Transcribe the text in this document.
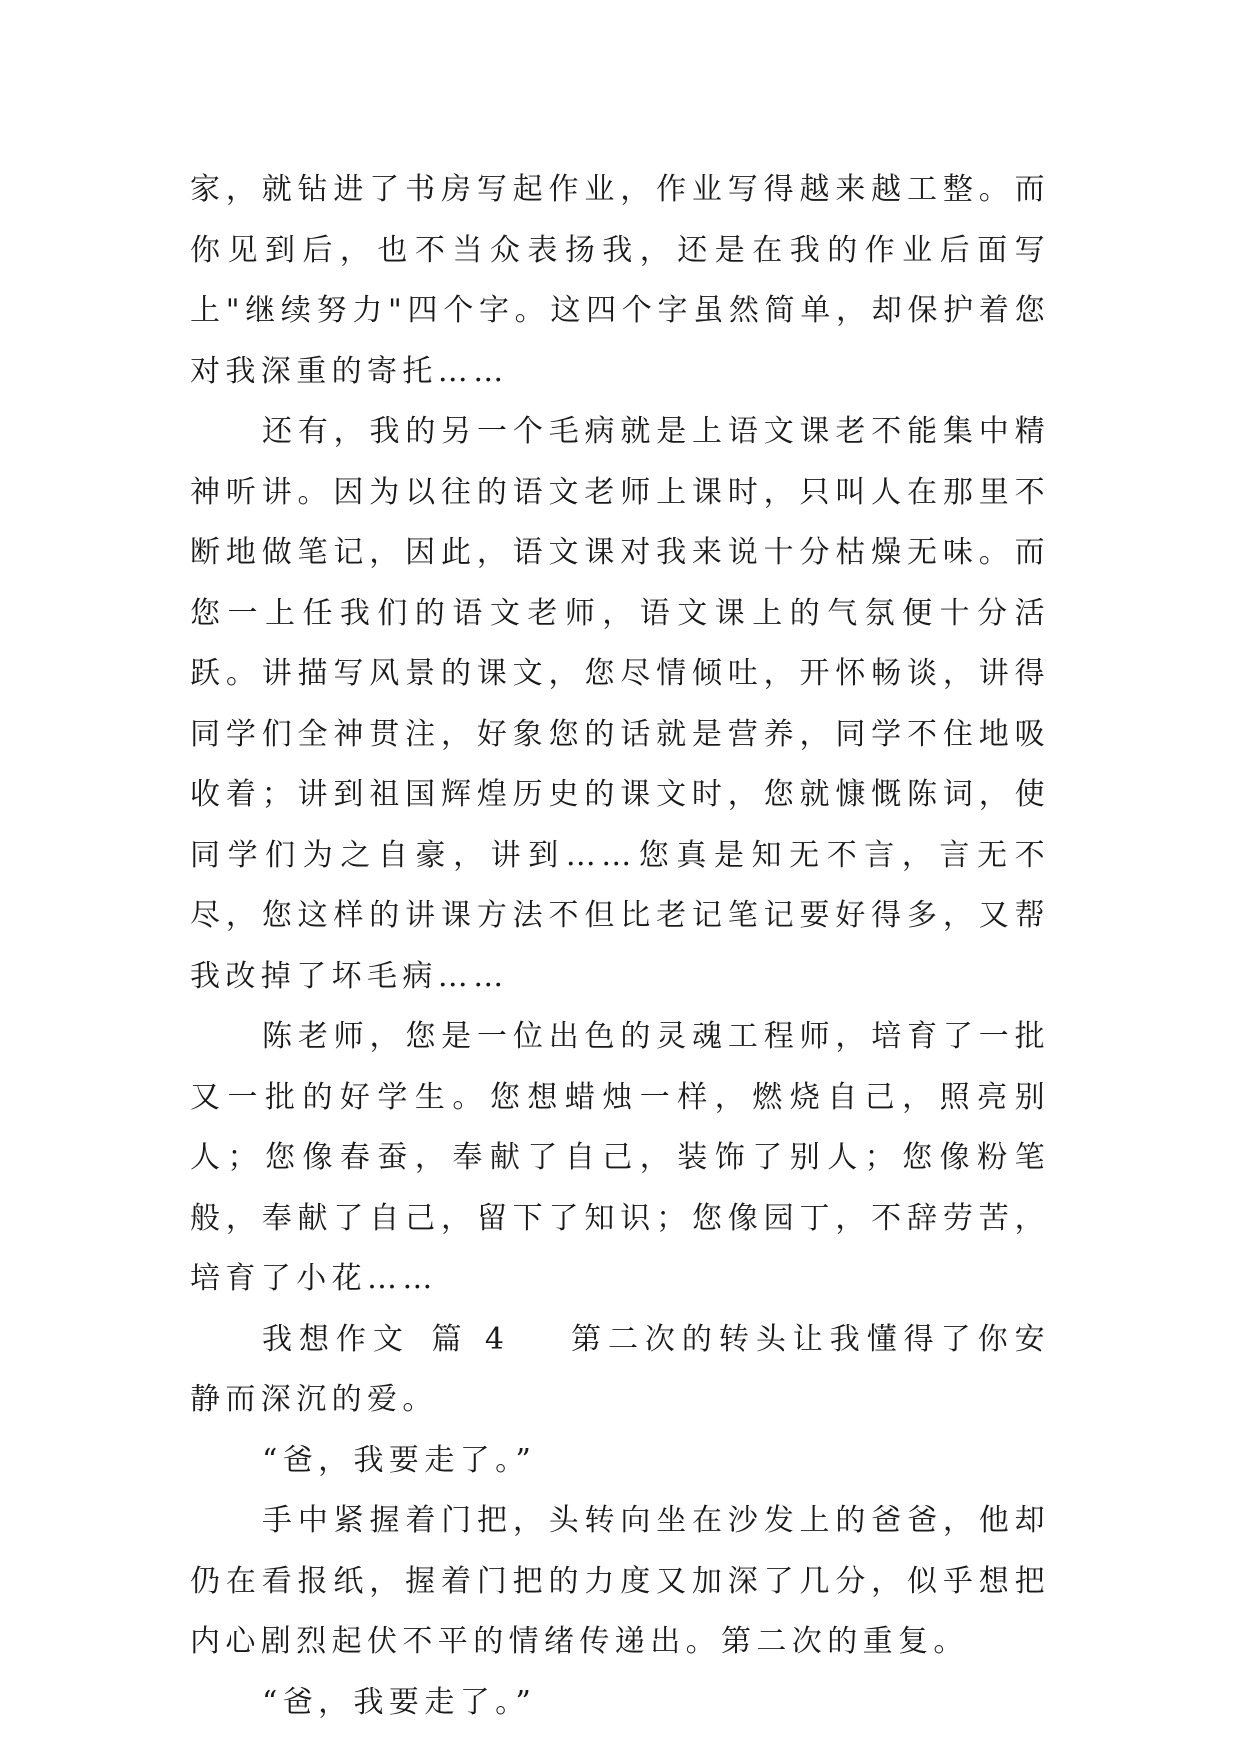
家，就钻进了书房写起作业，作业写得越来越工整。而你见到后，也不当众表扬我，还是在我的作业后面写上"继续努力"四个字。这四个字虽然简单，却保护着您对我深重的寄托……

还有，我的另一个毛病就是上语文课老不能集中精神听讲。因为以往的语文老师上课时，只叫人在那里不断地做笔记，因此，语文课对我来说十分枯燥无味。而您一上任我们的语文老师，语文课上的气氛便十分活跃。讲描写风景的课文，您尽情倾吐，开怀畅谈，讲得同学们全神贯注，好象您的话就是营养，同学不住地吸收着；讲到祖国辉煌历史的课文时，您就慷慨陈词，使同学们为之自豪，讲到……您真是知无不言，言无不尽，您这样的讲课方法不但比老记笔记要好得多，又帮我改掉了坏毛病……

陈老师，您是一位出色的灵魂工程师，培育了一批又一批的好学生。您想蜡烛一样，燃烧自己，照亮别人；您像春蚕，奉献了自己，装饰了别人；您像粉笔般，奉献了自己，留下了知识；您像园丁，不辞劳苦，培育了小花……

我想作文 篇 4 第二次的转头让我懂得了你安静而深沉的爱。

“爸，我要走了。”

手中紧握着门把，头转向坐在沙发上的爸爸，他却仍在看报纸，握着门把的力度又加深了几分，似乎想把内心剧烈起伏不平的情绪传递出。第二次的重复。

“爸，我要走了。”
